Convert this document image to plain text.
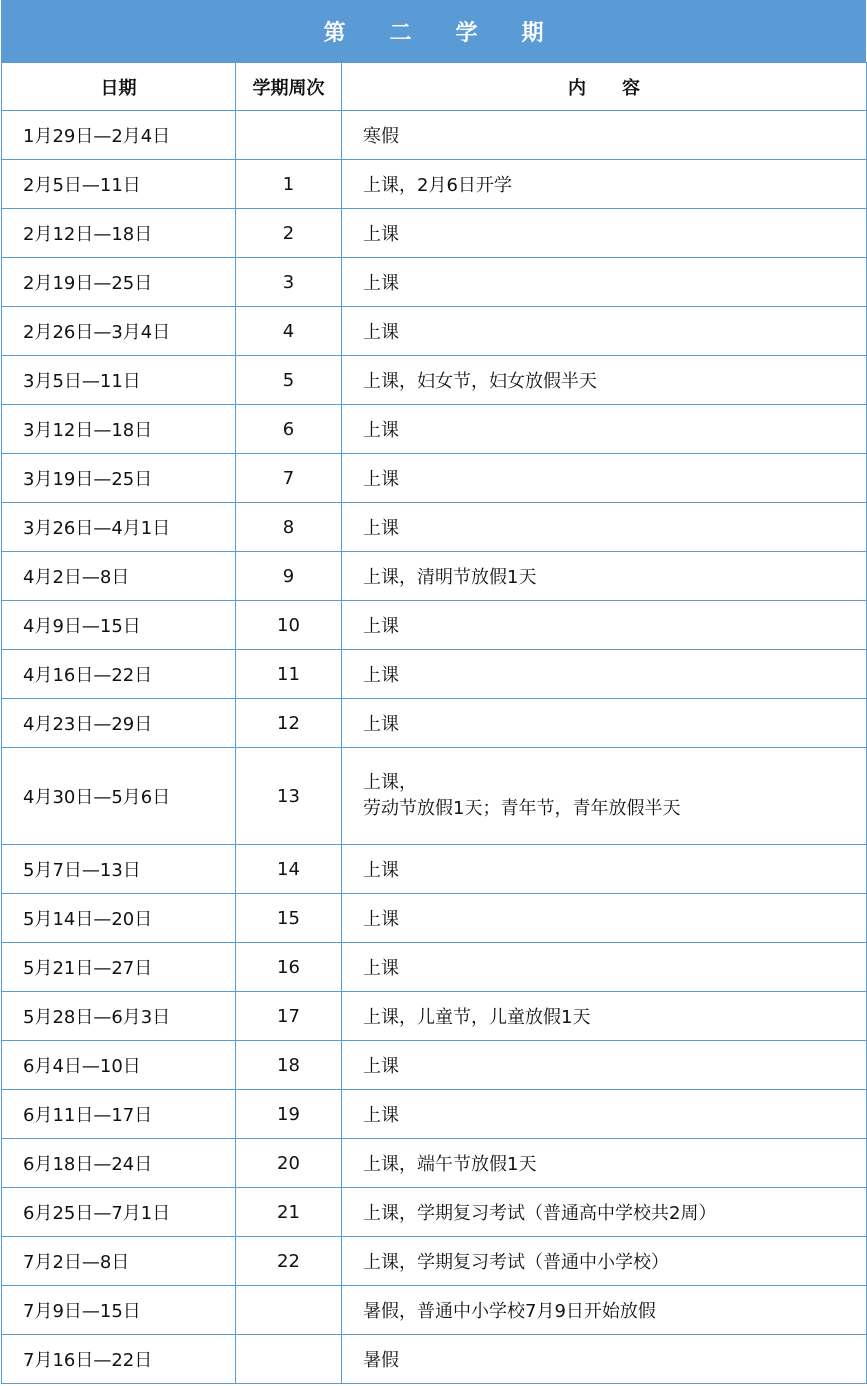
第　　二　　学　　期
日期	学期周次	内　　容
1月29日—2月4日		寒假
2月5日—11日	1	上课，2月6日开学
2月12日—18日	2	上课
2月19日—25日	3	上课
2月26日—3月4日	4	上课
3月5日—11日	5	上课，妇女节，妇女放假半天
3月12日—18日	6	上课
3月19日—25日	7	上课
3月26日—4月1日	8	上课
4月2日—8日	9	上课，清明节放假1天
4月9日—15日	10	上课
4月16日—22日	11	上课
4月23日—29日	12	上课
4月30日—5月6日	13	上课，
劳动节放假1天；青年节，青年放假半天

5月7日—13日	14	上课
5月14日—20日	15	上课
5月21日—27日	16	上课
5月28日—6月3日	17	上课，儿童节，儿童放假1天
6月4日—10日	18	上课
6月11日—17日	19	上课
6月18日—24日	20	上课，端午节放假1天
6月25日—7月1日	21	上课，学期复习考试（普通高中学校共2周）
7月2日—8日	22	上课，学期复习考试（普通中小学校）
7月9日—15日		暑假，普通中小学校7月9日开始放假
7月16日—22日		暑假
